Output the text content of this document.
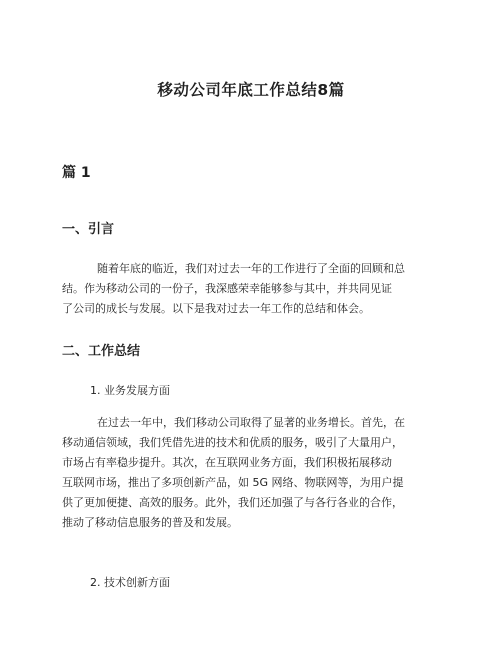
移动公司年底工作总结8篇
篇 1
一、引言
随着年底的临近，我们对过去一年的工作进行了全面的回顾和总
结。作为移动公司的一份子，我深感荣幸能够参与其中，并共同见证
了公司的成长与发展。以下是我对过去一年工作的总结和体会。
二、工作总结
1. 业务发展方面
在过去一年中，我们移动公司取得了显著的业务增长。首先，在
移动通信领域，我们凭借先进的技术和优质的服务，吸引了大量用户，
市场占有率稳步提升。其次，在互联网业务方面，我们积极拓展移动
互联网市场，推出了多项创新产品，如 5G 网络、物联网等，为用户提
供了更加便捷、高效的服务。此外，我们还加强了与各行各业的合作，
推动了移动信息服务的普及和发展。
2. 技术创新方面
